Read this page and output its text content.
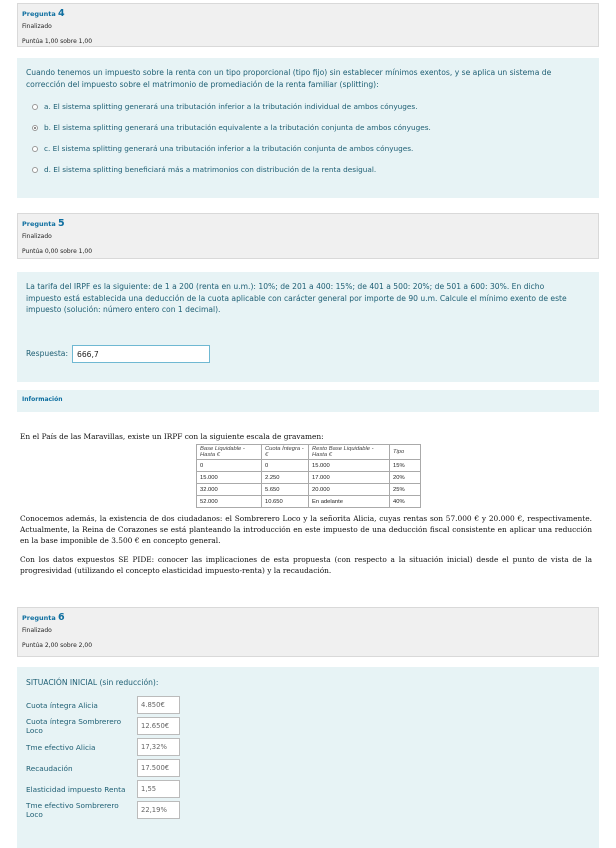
Pregunta 4
Finalizado
Puntúa 1,00 sobre 1,00
Cuando tenemos un impuesto sobre la renta con un tipo proporcional (tipo fijo) sin establecer mínimos exentos, y se aplica un sistema de corrección del impuesto sobre el matrimonio de promediación de la renta familiar (splitting):
a. El sistema splitting generará una tributación inferior a la tributación individual de ambos cónyuges.
b. El sistema splitting generará una tributación equivalente a la tributación conjunta de ambos cónyuges.
c. El sistema splitting generará una tributación inferior a la tributación conjunta de ambos cónyuges.
d. El sistema splitting beneficiará más a matrimonios con distribución de la renta desigual.
Pregunta 5
Finalizado
Puntúa 0,00 sobre 1,00
La tarifa del IRPF es la siguiente: de 1 a 200 (renta en u.m.): 10%; de 201 a 400: 15%; de 401 a 500: 20%; de 501 a 600: 30%. En dicho impuesto está establecida una deducción de la cuota aplicable con carácter general por importe de 90 u.m. Calcule el mínimo exento de este impuesto (solución: número entero con 1 decimal).
Respuesta:	666,7
Información

En el País de las Maravillas, existe un IRPF con la siguiente escala de gravamen:

Base Liquidable - Hasta €	Cuota Íntegra - €	Resto Base Liquidable - Hasta €	Tipo
0	0	15.000	15%
15.000	2.250	17.000	20%
32.000	5.650	20.000	25%
52.000	10.650	En adelante	40%

Conocemos además, la existencia de dos ciudadanos: el Sombrerero Loco y la señorita Alicia, cuyas rentas son 57.000 € y 20.000 €, respectivamente. Actualmente, la Reina de Corazones se está planteando la introducción en este impuesto de una deducción fiscal consistente en aplicar una reducción en la base imponible de 3.500 € en concepto general.

Con los datos expuestos SE PIDE: conocer las implicaciones de esta propuesta (con respecto a la situación inicial) desde el punto de vista de la progresividad (utilizando el concepto elasticidad impuesto-renta) y la recaudación.

Pregunta 6
Finalizado
Puntúa 2,00 sobre 2,00
SITUACIÓN INICIAL (sin reducción):
Cuota íntegra Alicia	4.850€
Cuota íntegra Sombrerero Loco	12.650€
Tme efectivo Alicia	17,32%
Recaudación	17.500€
Elasticidad impuesto Renta	1,55
Tme efectivo Sombrerero Loco	22,19%
